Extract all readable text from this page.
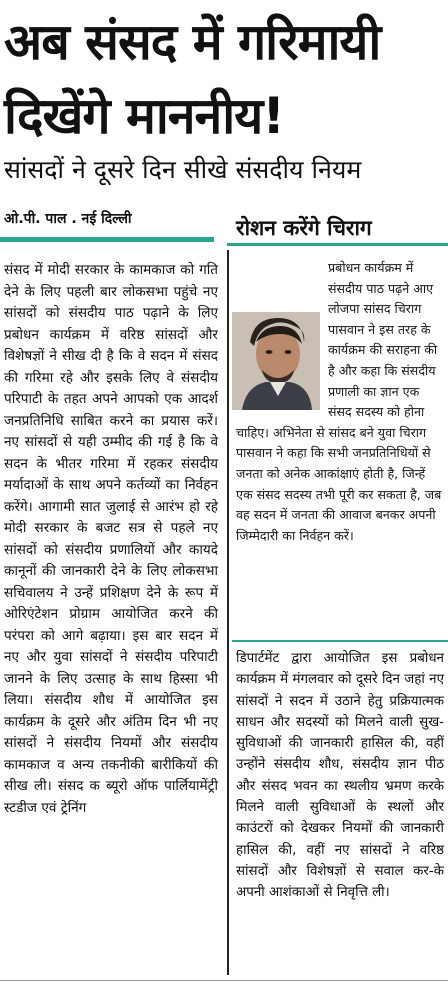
अब संसद में गरिमायी
दिखेंगे माननीय!
सांसदों ने दूसरे दिन सीखे संसदीय नियम
ओ.पी. पाल . नई दिल्ली	रोशन करेंगे चिराग
संसद में मोदी सरकार के कामकाज को गति देने के लिए पहली बार लोकसभा पहुंचे नए सांसदों को संसदीय पाठ पढ़ाने के लिए प्रबोधन कार्यक्रम में वरिष्ठ सांसदों और विशेषज्ञों ने सीख दी है कि वे सदन में संसद की गरिमा रहे और इसके लिए वे संसदीय परिपाटी के तहत अपने आपको एक आदर्श जनप्रतिनिधि साबित करने का प्रयास करें। नए सांसदों से यही उम्मीद की गई है कि वे सदन के भीतर गरिमा में रहकर संसदीय मर्यादाओं के साथ अपने कर्तव्यों का निर्वहन करेंगे। आगामी सात जुलाई से आरंभ हो रहे मोदी सरकार के बजट सत्र से पहले नए सांसदों को संसदीय प्रणालियों और कायदे कानूनों की जानकारी देने के लिए लोकसभा सचिवालय ने उन्हें प्रशिक्षण देने के रूप में ओरिएंटेशन प्रोग्राम आयोजित करने की परंपरा को आगे बढ़ाया। इस बार सदन में नए और युवा सांसदों ने संसदीय परिपाटी जानने के लिए उत्साह के साथ हिस्सा भी लिया। संसदीय शौध में आयोजित इस कार्यक्रम के दूसरे और अंतिम दिन भी नए सांसदों ने संसदीय नियमों और संसदीय कामकाज व अन्य तकनीकी बारीकियों की सीख ली। संसद क ब्यूरो ऑफ पार्लियामेंट्री स्टडीज एवं ट्रेनिंग

प्रबोधन कार्यक्रम में संसदीय पाठ पढ़ने आए लोजपा सांसद चिराग पासवान ने इस तरह के कार्यक्रम की सराहना की है और कहा कि संसदीय प्रणाली का ज्ञान एक संसद सदस्य को होना चाहिए। अभिनेता से सांसद बने युवा चिराग पासवान ने कहा कि सभी जनप्रतिनिधियों से जनता को अनेक आकांक्षाएं होती है, जिन्हें एक संसद सदस्य तभी पूरी कर सकता है, जब वह सदन में जनता की आवाज बनकर अपनी जिम्मेदारी का निर्वहन करें।

डिपार्टमेंट द्वारा आयोजित इस प्रबोधन कार्यक्रम में मंगलवार को दूसरे दिन जहां नए सांसदों ने सदन में उठाने हेतु प्रक्रियात्मक साधन और सदस्यों को मिलने वाली सुख-सुविधाओं की जानकारी हासिल की, वहीं उन्होंने संसदीय शौध, संसदीय ज्ञान पीठ और संसद भवन का स्थलीय भ्रमण करके मिलने वाली सुविधाओं के स्थलों और काउंटरों को देखकर नियमों की जानकारी हासिल की, वहीं नए सांसदों ने वरिष्ठ सांसदों और विशेषज्ञों से सवाल कर-के अपनी आशंकाओं से निवृत्ति ली।
